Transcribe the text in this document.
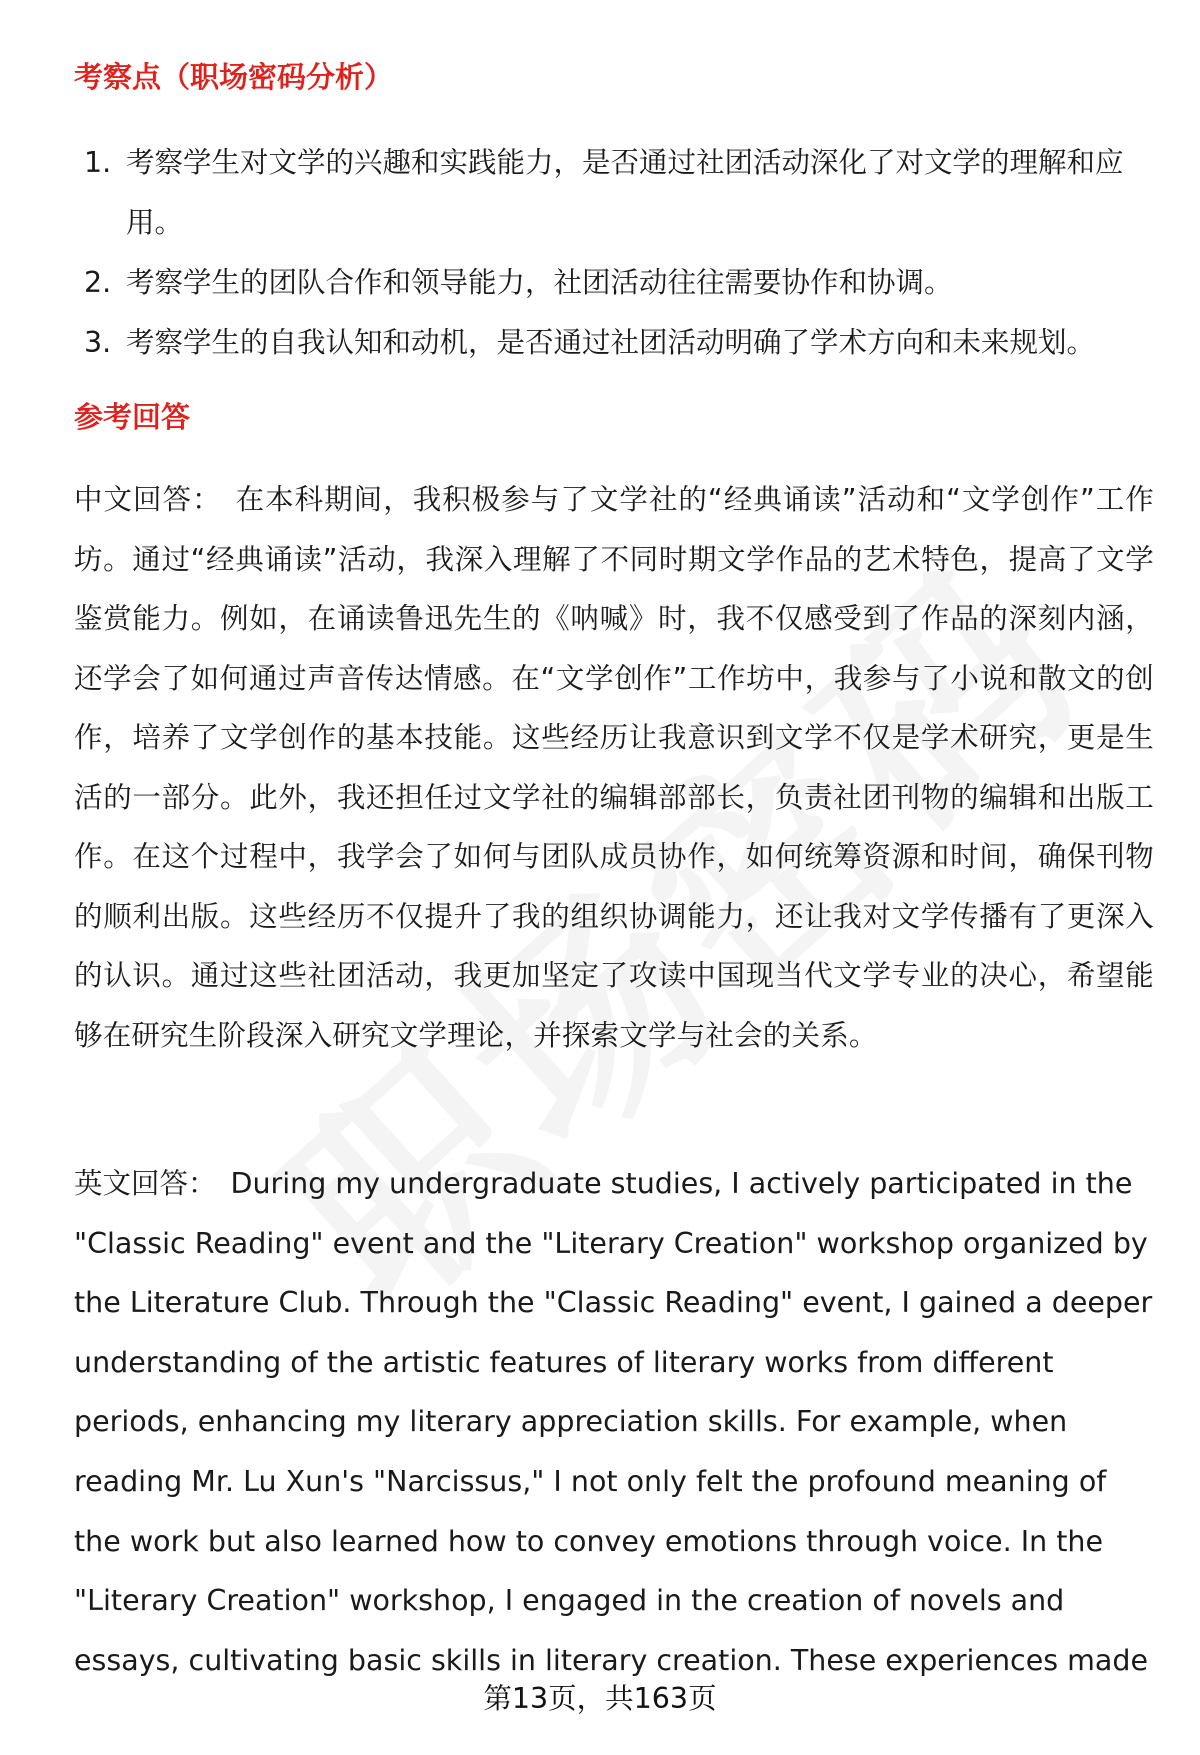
考察点（职场密码分析）
1. 考察学生对文学的兴趣和实践能力，是否通过社团活动深化了对文学的理解和应用。
2. 考察学生的团队合作和领导能力，社团活动往往需要协作和协调。
3. 考察学生的自我认知和动机，是否通过社团活动明确了学术方向和未来规划。
参考回答

中文回答： 在本科期间，我积极参与了文学社的“经典诵读”活动和“文学创作”工作坊。通过“经典诵读”活动，我深入理解了不同时期文学作品的艺术特色，提高了文学鉴赏能力。例如，在诵读鲁迅先生的《呐喊》时，我不仅感受到了作品的深刻内涵，还学会了如何通过声音传达情感。在“文学创作”工作坊中，我参与了小说和散文的创作，培养了文学创作的基本技能。这些经历让我意识到文学不仅是学术研究，更是生活的一部分。此外，我还担任过文学社的编辑部部长，负责社团刊物的编辑和出版工作。在这个过程中，我学会了如何与团队成员协作，如何统筹资源和时间，确保刊物的顺利出版。这些经历不仅提升了我的组织协调能力，还让我对文学传播有了更深入的认识。通过这些社团活动，我更加坚定了攻读中国现当代文学专业的决心，希望能够在研究生阶段深入研究文学理论，并探索文学与社会的关系。

英文回答： During my undergraduate studies, I actively participated in the "Classic Reading" event and the "Literary Creation" workshop organized by the Literature Club. Through the "Classic Reading" event, I gained a deeper understanding of the artistic features of literary works from different periods, enhancing my literary appreciation skills. For example, when reading Mr. Lu Xun's "Narcissus," I not only felt the profound meaning of the work but also learned how to convey emotions through voice. In the "Literary Creation" workshop, I engaged in the creation of novels and essays, cultivating basic skills in literary creation. These experiences made

第13页，共163页
